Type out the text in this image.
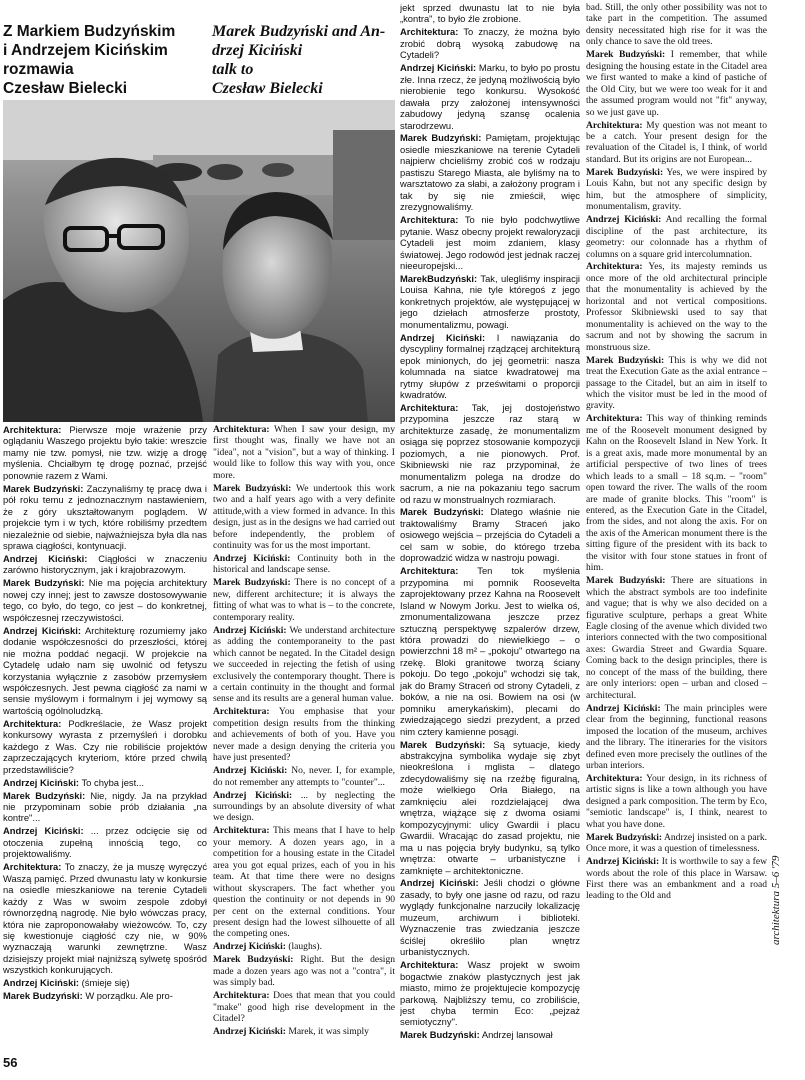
Z Markiem Budzyńskim
i Andrzejem Kicińskim
rozmawia
Czesław Bielecki
Marek Budzyński and An-
drzej Kiciński
talk to
Czesław Bielecki

Architektura: Pierwsze moje wrażenie przy oglądaniu Waszego projektu było takie: wreszcie mamy nie tzw. pomysł, nie tzw. wizję a drogę myślenia. Chciałbym tę drogę poznać, przejść ponownie razem z Wami.

Marek Budzyński: Zaczynaliśmy tę pracę dwa i pół roku temu z jednoznacznym nastawieniem, że z góry ukształtowanym poglądem. W projekcie tym i w tych, które robiliśmy przedtem niezależnie od siebie, najważniejsza była dla nas sprawa ciągłości, kontynuacji.

Andrzej Kiciński: Ciągłości w znaczeniu zarówno historycznym, jak i krajobrazowym.

Marek Budzyński: Nie ma pojęcia architektury nowej czy innej; jest to zawsze dostosowywanie tego, co było, do tego, co jest – do konkretnej, współczesnej rzeczywistości.

Andrzej Kiciński: Architekturę rozumiemy jako dodanie współczesności do przeszłości, której nie można poddać negacji. W projekcie na Cytadelę udało nam się uwolnić od fetyszu korzystania wyłącznie z zasobów przemysłem współczesnych. Jest pewna ciągłość za nami w sensie myślowym i formalnym i jej wymowy są wartością ogólnoludzką.

Architektura: Podkreślacie, że Wasz projekt konkursowy wyrasta z przemyśleń i dorobku każdego z Was. Czy nie robiliście projektów zaprzeczających kryteriom, które przed chwilą przedstawiliście?

Andrzej Kiciński: To chyba jest...

Marek Budzyński: Nie, nigdy. Ja na przykład nie przypominam sobie prób działania „na kontre"...

Andrzej Kiciński: ... przez odcięcie się od otoczenia zupełną innością tego, co projektowaliśmy.

Architektura: To znaczy, że ja muszę wyręczyć Waszą pamięć. Przed dwunastu laty w konkursie na osiedle mieszkaniowe na terenie Cytadeli każdy z Was w swoim zespole zdobył równorzędną nagrodę. Nie było wówczas pracy, która nie zaproponowałaby wieżowców. To, czy się kwestionuje ciągłość czy nie, w 90% wyznaczają warunki zewnętrzne. Wasz dzisiejszy projekt miał najniższą sylwetę spośród wszystkich konkurujących.

Andrzej Kiciński: (śmieje się)

Marek Budzyński: W porządku. Ale pro-

Architektura: When I saw your design, my first thought was, finally we have not an "idea", not a "vision", but a way of thinking. I would like to follow this way with you, once more.

Marek Budzyński: We undertook this work two and a half years ago with a very definite attitude,with a view formed in advance. In this design, just as in the designs we had carried out before independently, the problem of continuity was for us the most important.

Andrzej Kiciński: Continuity both in the historical and landscape sense.

Marek Budzyński: There is no concept of a new, different architecture; it is always the fitting of what was to what is – to the concrete, contemporary reality.

Andrzej Kiciński: We understand architecture as adding the contemporaneity to the past which cannot be negated. In the Citadel design we succeeded in rejecting the fetish of using exclusively the contemporary thought. There is a certain continuity in the thought and formal sense and its results are a general human value.

Architektura: You emphasise that your competition design results from the thinking and achievements of both of you. Have you never made a design denying the criteria you have just presented?

Andrzej Kiciński: No, never. I, for example, do not remember any attempts to "counter"...

Andrzej Kiciński: ... by neglecting the surroundings by an absolute diversity of what we design.

Architektura: This means that I have to help your memory. A dozen years ago, in a competition for a housing estate in the Citadel area you got equal prizes, each of you in his team. At that time there were no designs without skyscrapers. The fact whether you question the continuity or not depends in 90 per cent on the external conditions. Your present design had the lowest silhouette of all the competing ones.

Andrzej Kiciński: (laughs).

Marek Budzyński: Right. But the design made a dozen years ago was not a "contra", it was simply bad.

Architektura: Does that mean that you could "make" good high rise development in the Citadel?

Andrzej Kiciński: Marek, it was simply

jekt sprzed dwunastu lat to nie była „kontra", to było źle zrobione.

Architektura: To znaczy, że można było zrobić dobrą wysoką zabudowę na Cytadeli?

Andrzej Kiciński: Marku, to było po prostu złe. Inna rzecz, że jedyną możliwością było nierobienie tego konkursu. Wysokość dawała przy założonej intensywności zabudowy jedyną szansę ocalenia starodrzewu.

Marek Budzyński: Pamiętam, projektując osiedle mieszkaniowe na terenie Cytadeli najpierw chcieliśmy zrobić coś w rodzaju pastiszu Starego Miasta, ale byliśmy na to warsztatowo za słabi, a założony program i tak by się nie zmieścił, więc zrezygnowaliśmy.

Architektura: To nie było podchwytliwe pytanie. Wasz obecny projekt rewaloryzacji Cytadeli jest moim zdaniem, klasy światowej. Jego rodowód jest jednak raczej nieeuropejski...

MarekBudzyński: Tak, ulegliśmy inspiracji Louisa Kahna, nie tyle któregoś z jego konkretnych projektów, ale występującej w jego dziełach atmosferze prostoty, monumentalizmu, powagi.

Andrzej Kiciński: I nawiązania do dyscypliny formalnej rządzącej architekturą epok minionych, do jej geometrii: nasza kolumnada na siatce kwadratowej ma rytmy słupów z prześwitami o proporcji kwadratów.

Architektura: Tak, jej dostojeństwo przypomina jeszcze raz starą w architekturze zasadę, że monumentalizm osiąga się poprzez stosowanie kompozycji poziomych, a nie pionowych. Prof. Skibniewski nie raz przypominał, że monumentalizm polega na drodze do sacrum, a nie na pokazaniu tego sacrum od razu w monstrualnych rozmiarach.

Marek Budzyński: Dlatego właśnie nie traktowaliśmy Bramy Straceń jako osiowego wejścia – przejścia do Cytadeli a cel sam w sobie, do którego trzeba doprowadzić widza w nastroju powagi.

Architektura: Ten tok myślenia przypomina mi pomnik Roosevelta zaprojektowany przez Kahna na Roosevelt Island w Nowym Jorku. Jest to wielka oś, zmonumentalizowana jeszcze przez sztuczną perspektywę szpalerów drzew, która prowadzi do niewielkiego – o powierzchni 18 m² – „pokoju" otwartego na rzekę. Bloki granitowe tworzą ściany pokoju. Do tego „pokoju" wchodzi się tak, jak do Bramy Straceń od strony Cytadeli, z boków, a nie na osi. Bowiem na osi (w pomniku amerykańskim), plecami do zwiedzającego siedzi prezydent, a przed nim cztery kamienne posągi.

Marek Budzyński: Są sytuacje, kiedy abstrakcyjna symbolika wydaje się zbyt nieokreślona i mglista – dlatego zdecydowaliśmy się na rzeźbę figuralną, może wielkiego Orła Białego, na zamknięciu alei rozdzielającej dwa wnętrza, wiążące się z dwoma osiami kompozycyjnymi: ulicy Gwardii i placu Gwardii. Wracając do zasad projektu, nie ma u nas pojęcia bryły budynku, są tylko wnętrza: otwarte – urbanistyczne i zamknięte – architektoniczne.

Andrzej Kiciński: Jeśli chodzi o główne zasady, to były one jasne od razu, od razu wyglądy funkcjonalne narzuciły lokalizację muzeum, archiwum i biblioteki. Wyznaczenie tras zwiedzania jeszcze ściślej określiło plan wnętrz urbanistycznych.

Architektura: Wasz projekt w swoim bogactwie znaków plastycznych jest jak miasto, mimo że projektujecie kompozycję parkową. Najbliższy temu, co zrobiliście, jest chyba termin Eco: „pejzaż semiotyczny".

Marek Budzyński: Andrzej lansował

bad. Still, the only other possibility was not to take part in the competition. The assumed density necessitated high rise for it was the only chance to save the old trees.

Marek Budzyński: I remember, that while designing the housing estate in the Citadel area we first wanted to make a kind of pastiche of the Old City, but we were too weak for it and the assumed program would not "fit" anyway, so we just gave up.

Architektura: My question was not meant to be a catch. Your present design for the revaluation of the Citadel is, I think, of world standard. But its origins are not European...

Marek Budzyński: Yes, we were inspired by Louis Kahn, but not any specific design by him, but the atmosphere of simplicity, monumentalism, gravity.

Andrzej Kiciński: And recalling the formal discipline of the past architecture, its geometry: our colonnade has a rhythm of columns on a square grid intercolumnation.

Architektura: Yes, its majesty reminds us once more of the old architectural principle that the monumentality is achieved by the horizontal and not vertical compositions. Professor Skibniewski used to say that monumentality is achieved on the way to the sacrum and not by showing the sacrum in monstruous size.

Marek Budzyński: This is why we did not treat the Execution Gate as the axial entrance – passage to the Citadel, but an aim in itself to which the visitor must be led in the mood of gravity.

Architektura: This way of thinking reminds me of the Roosevelt monument designed by Kahn on the Roosevelt Island in New York. It is a great axis, made more monumental by an artificial perspective of two lines of trees which leads to a small – 18 sq.m. – "room" open toward the river. The walls of the room are made of granite blocks. This "room" is entered, as the Execution Gate in the Citadel, from the sides, and not along the axis. For on the axis of the American monument there is the sitting figure of the president with its back to the visitor with four stone statues in front of him.

Marek Budzyński: There are situations in which the abstract symbols are too indefinite and vague; that is why we also decided on a figurative sculpture, perhaps a great White Eagle closing of the avenue which divided two interiors connected with the two compositional axes: Gwardia Street and Gwardia Square. Coming back to the design principles, there is no concept of the mass of the building, there are only interiors: open – urban and closed – architectural.

Andrzej Kiciński: The main principles were clear from the beginning, functional reasons imposed the location of the museum, archives and the library. The itineraries for the visitors defined even more precisely the outlines of the urban interiors.

Architektura: Your design, in its richness of artistic signs is like a town although you have designed a park composition. The term by Eco, "semiotic landscape" is, I think, nearest to what you have done.

Marek Budzyński: Andrzej insisted on a park. Once more, it was a question of timelessness.

Andrzej Kiciński: It is worthwile to say a few words about the role of this place in Warsaw. First there was an embankment and a road leading to the Old and

56
architektura 5–6 '79
